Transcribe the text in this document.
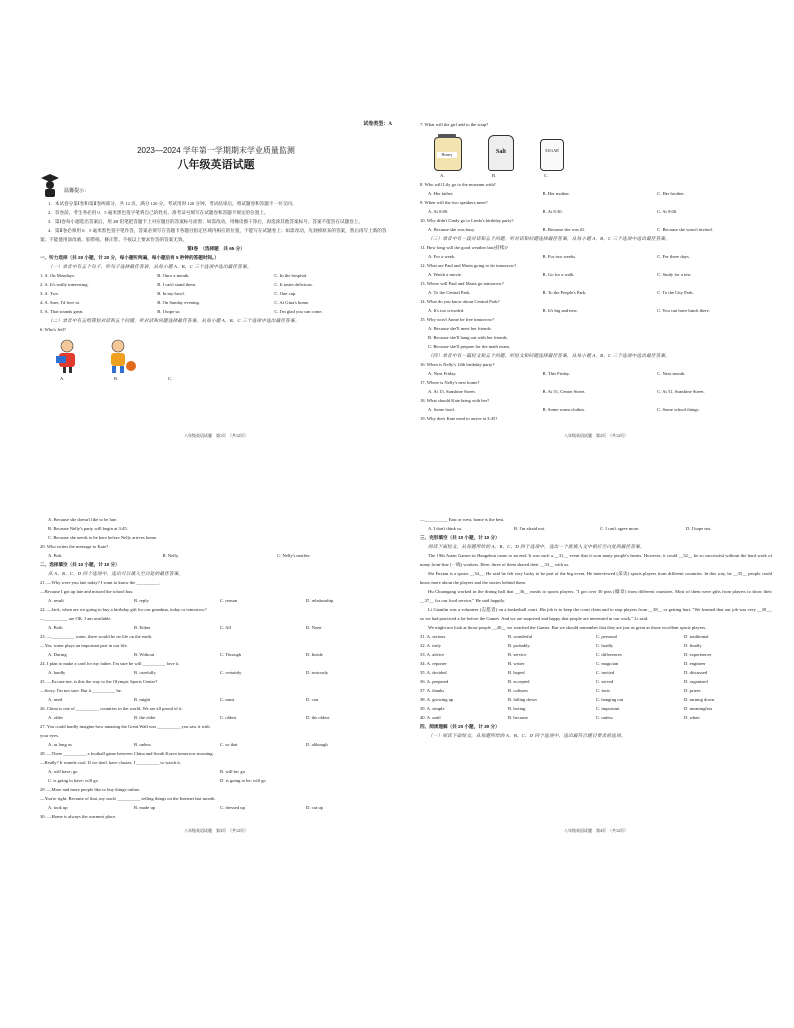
试卷类型：A
2023—2024 学年第一学期期末学业质量监测
八年级英语试题
温馨提示：
1．本试卷分第Ⅰ卷和第Ⅱ卷两部分，共 12 页。满分 120 分。考试用时 120 分钟。考试结束后，将试题卷和答题卡一并交回。
2．答卷前，考生务必用 0．5 毫米黑色签字笔将自己的姓名、准考证号填写在试题卷和答题卡规定的位置上。
3．第Ⅰ卷每小题选出答案后，用 2B 铅笔把答题卡上对应题目的答案标号涂黑；如需改动，用橡皮擦干净后，再选涂其他答案标号。答案不能答在试题卷上。
4．第Ⅱ卷必须用 0．5 毫米黑色签字笔作答，答案必须写在答题卡各题目指定区域内相应的位置，不能写在试题卷上；如需改动，先划掉原来的答案，然后再写上新的答案；不能使用涂改液、胶带纸、修正带。不按以上要求作答的答案无效。
第Ⅰ卷　（选择题　共 65 分）
一、听力选择（共 20 小题，计 20 分，每小题听两遍，每小题后有 5 秒钟的答题时间。）
（一）录音中有五个句子，听句子选择最佳答语，从每小题 A、B、C 三个选项中选出最佳答案。
1. A. On Mondays.	B. Once a month.	C. In the hospital.
2. A. It's really interesting.	B. I can't stand them.	C. It tastes delicious.
3. A. Two.	B. In my bowl.	C. One cup.
4. A. Sure, I'd love to.	B. On Sunday evening.	C. At Gina's home.
5. A. That sounds great.	B. I hope so.	C. I'm glad you can come.
（二）录音中有五组简短对话和五个问题，听对话和问题选择最佳答案，从每小题 A、B、C 三个选项中选出最佳答案。
6. Who's Jeff?
A.	B.	C.
八年级英语试题　第1页　（共12页）
7. What will the girl add to the soup?
Honey	Salt	SUGAR
A.	B.	C.
8. Who will Lily go to the museum with?
A. Her father.	B. Her mother.	C. Her brother.
9. When will the two speakers meet?
A. At 8:00.	B. At 8:30.	C. At 9:00.
10. Why didn't Cindy go to Linda's birthday party?
A. Because she was busy.	B. Because she was ill.	C. Because she wasn't invited.
（三）录音中有一段对话和五个问题，听对话和问题选择最佳答案，从每小题 A、B、C 三个选项中选出最佳答案。
11. How long will the good weather last(持续)?
A. For a week.	B. For two weeks.	C. For three days.
12. What are Paul and Maria going to do tomorrow?
A. Watch a movie.	B. Go for a walk.	C. Study for a test.
13. Where will Paul and Maria go tomorrow?
A. To the Central Park.	B. To the People's Park.	C. To the City Park.
14. What do you know about Central Park?
A. It's too crowded.	B. It's big and new.	C. You can have lunch there.
15. Why won't Annie be free tomorrow?
A. Because she'll meet her friends.
B. Because she'll hang out with her friends.
C. Because she'll prepare for the math exam.
（四）录音中有一篇短文和五个问题，听短文和问题选择最佳答案，从每小题 A、B、C 三个选项中选出最佳答案。
16. When is Nelly's 14th birthday party?
A. Next Friday.	B. This Friday.	C. Next month.
17. Where is Nelly's new home?
A. At 15, Sunshine Street.	B. At 51, Center Street.	C. At 51, Sunshine Street.
18. What should Kate bring with her?
A. Some food.	B. Some warm clothes.	C. Some school things.
19. Why does Kate need to arrive at 3:45?
八年级英语试题　第2页　（共12页）
A. Because she doesn't like to be late.
B. Because Nelly's party will begin at 3:45.
C. Because she needs to be here before Nelly arrives home.
20. Who writes the message to Kate?
A. Bob.	B. Nelly.	C. Nelly's mother.
二、选择填空（共 10 小题，计 10 分）
从 A、B、C、D 四个选项中，选出可以填入空白处的最佳答案。
21. —Why were you late today? I want to know the __________.
—Because I got up late and missed the school bus.
A. result	B. reply	C. reason	D. relationship
22. —Jack, when are we going to buy a birthday gift for our grandma, today or tomorrow?
—__________ are OK. I am available.
A. Both	B. Either	C. All	D. None
23. —__________ water, there would be no life on the earth.
—Yes, water plays an important part in our life.
A. During	B. Without	C. Through	D. Inside
24. I plan to make a card for my father. I'm sure he will __________ love it.
A. hardly	B. carefully	C. certainly	D. seriously
25. —Excuse me, is this the way to the Olympic Sports Center?
—Sorry, I'm not sure. But it __________ be.
A. need	B. might	C. must	D. can
26. China is one of __________ countries in the world. We are all proud of it.
A. older	B. the older	C. oldest	D. the oldest
27. You could hardly imagine how amazing the Great Wall was __________ you saw it with
your eyes.
A. as long as	B. unless	C. so that	D. although
28. —There __________ a football game between China and South Korea tomorrow morning.
—Really? It sounds cool. If we don't have classes, I __________ to watch it.
A. will have; go	B. will be; go
C. is going to have; will go	D. is going to be; will go
29. —More and more people like to buy things online.
—You're right. Because of that, my uncle __________ selling things on the Internet last month.
A. took up	B. made up	C. dressed up	D. cut up
30. —Home is always the warmest place.
八年级英语试题　第3页　（共12页）
—__________ East or west, home is the best.
A. I don't think so.	B. I'm afraid not.	C. I can't agree more.	D. I hope not.
三、完形填空（共 10 小题，计 10 分）
阅读下面短文，从每题所给的 A、B、C、D 四个选项中，选出一个能填入文中相应空白处的最佳答案。
The 19th Asian Games in Hangzhou came to an end. It was such a __31__ event that it won many people's hearts. However, it could __32__ be so successful without the hard work of many front-line (一线) workers. Here, three of them shared their __33__ with us.
Shi Fuxian is a sports __34__. He said he felt very lucky to be part of the big event. He interviewed (采访) sports players from different countries. In this way, he __35__ people could know more about the players and the stories behind them.
Hu Chuangang worked in the dining hall that __36__ meals to sports players. "I got over 30 pins (徽章) from different countries. Most of them were gifts from players to show their __37__ for our food service," He said happily.
Li Guanlin was a volunteer (志愿者) on a basketball court. His job is to keep the court clean and to stop players from __38__ or getting hurt. "We learned that our job was very __39__, so we had practiced a lot before the Games. And we are surprised and happy that people are interested in our work," Li said.
We might not look at those people __40__ we watched the Games. But we should remember that they are just as great as those excellent sports players.
31. A. serious	B. wonderful	C. personal	D. traditional
32. A. truly	B. probably	C. hardly	D. finally
33. A. advice	B. service	C. differences	D. experiences
34. A. reporter	B. writer	C. magician	D. engineer
35. A. decided	B. hoped	C. invited	D. discussed
36. A. prepared	B. accepted	C. served	D. organized
37. A. thanks	B. cultures	C. facts	D. prizes
38. A. growing up	B. falling down	C. hanging out	D. turning down
39. A. simple	B. boring	C. important	D. meaningless
40. A. until	B. because	C. unless	D. when
四、阅读理解（共 20 小题，计 30 分）
（一）阅读下面短文，从每题所给的 A、B、C、D 四个选项中，选出最符合题目要求的选项。
八年级英语试题　第4页　（共12页）
